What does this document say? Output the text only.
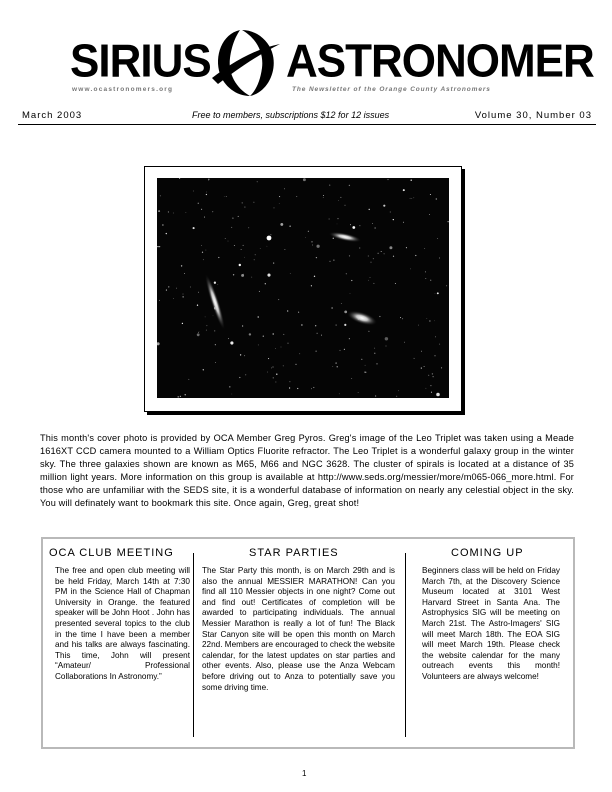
SIRIUS ASTRONOMER
www.ocastronomers.org	The Newsletter of the Orange County Astronomers
March 2003	Free to members, subscriptions $12 for 12 issues	Volume 30, Number 03
This month's cover photo is provided by OCA Member Greg Pyros. Greg's image of the Leo Triplet was taken using a Meade 1616XT CCD camera mounted to a William Optics Fluorite refractor. The Leo Triplet is a wonderful galaxy group in the winter sky. The three galaxies shown are known as M65, M66 and NGC 3628. The cluster of spirals is located at a distance of 35 million light years. More information on this group is available at http://www.seds.org/messier/more/m065-066_more.html. For those who are unfamiliar with the SEDS site, it is a wonderful database of information on nearly any celestial object in the sky. You will definately want to bookmark this site. Once again, Greg, great shot!
OCA CLUB MEETING
The free and open club meeting will be held Friday, March 14th at 7:30 PM in the Science Hall of Chapman University in Orange. the featured speaker will be John Hoot . John has presented several topics to the club in the time I have been a member and his talks are always fascinating. This time, John will present “Amateur/ Professional Collaborations In Astronomy.”
STAR PARTIES
The Star Party this month, is on March 29th and is also the annual MESSIER MARATHON! Can you find all 110 Messier objects in one night? Come out and find out! Certificates of completion will be awarded to participating individuals. The annual Messier Marathon is really a lot of fun! The Black Star Canyon site will be open this month on March 22nd. Members are encouraged to check the website calendar, for the latest updates on star parties and other events. Also, please use the Anza Webcam before driving out to Anza to potentially save you some driving time.
COMING UP
Beginners class will be held on Friday March 7th, at the Discovery Science Museum located at 3101 West Harvard Street in Santa Ana. The Astrophysics SIG will be meeting on March 21st. The Astro-Imagers' SIG will meet March 18th. The EOA SIG will meet March 19th. Please check the website calendar for the many outreach events this month! Volunteers are always welcome!
1
